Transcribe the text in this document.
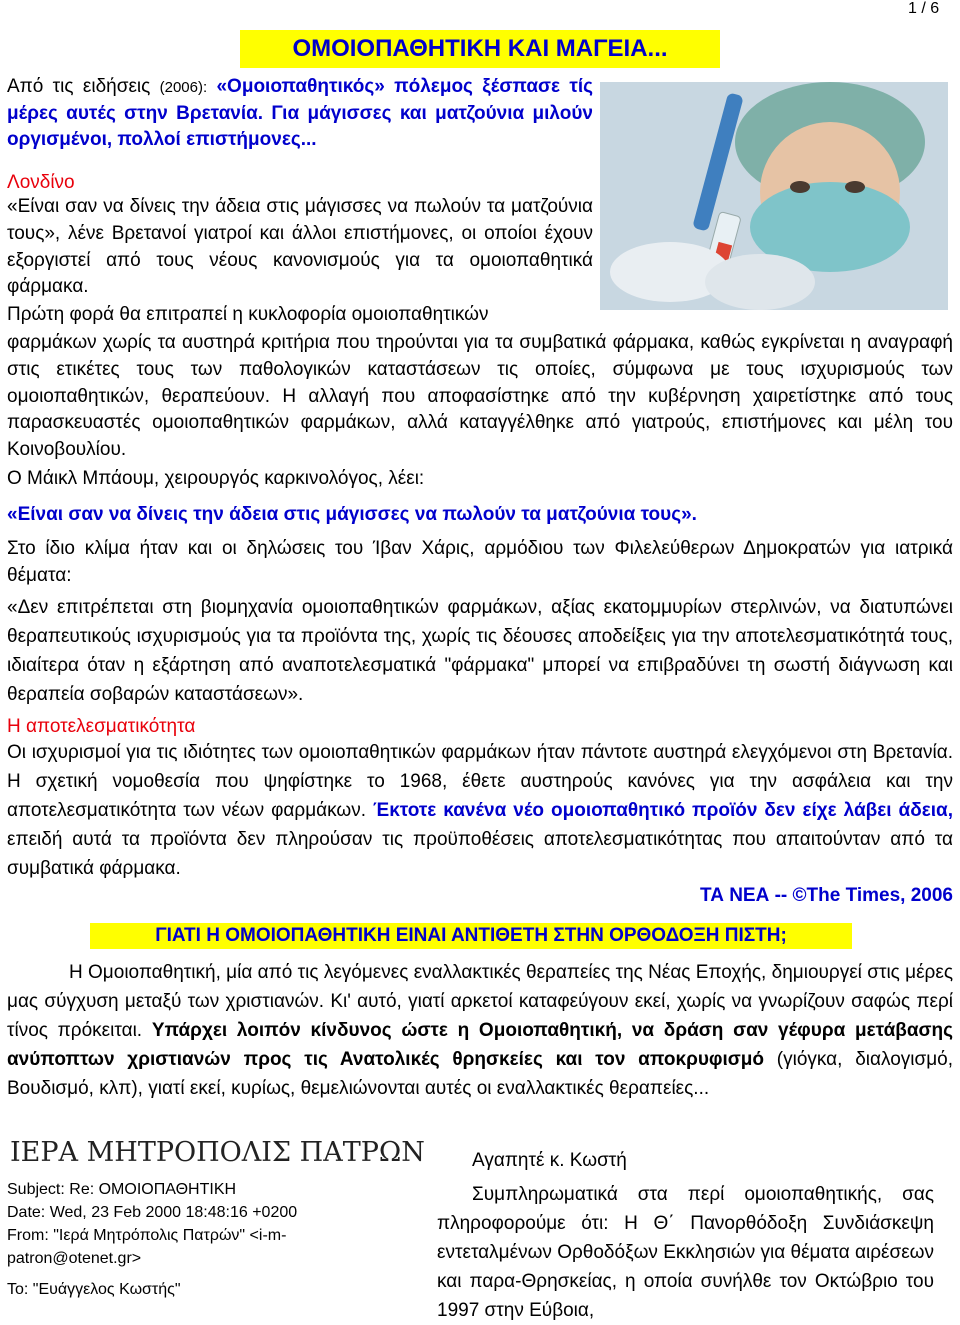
1 / 6
ΟΜΟΙΟΠΑΘΗΤΙΚΗ ΚΑΙ ΜΑΓΕΙΑ...

Από τις ειδήσεις (2006): «Ομοιοπαθητικός» πόλεμος ξέσπασε τίς μέρες αυτές στην Βρετανία. Για μάγισσες και ματζούνια μιλούν οργισμένοι, πολλοί επιστήμονες...

Λονδίνο

«Είναι σαν να δίνεις την άδεια στις μάγισσες να πωλούν τα ματζούνια τους», λένε Βρετανοί γιατροί και άλλοι επιστήμονες, οι οποίοι έχουν εξοργιστεί από τους νέους κανονισμούς για τα ομοιοπαθητικά φάρμακα.

Πρώτη φορά θα επιτραπεί η κυκλοφορία ομοιοπαθητικών

φαρμάκων χωρίς τα αυστηρά κριτήρια που τηρούνται για τα συμβατικά φάρμακα, καθώς εγκρίνεται η αναγραφή στις ετικέτες τους των παθολογικών καταστάσεων τις οποίες, σύμφωνα με τους ισχυρισμούς των ομοιοπαθητικών, θεραπεύουν. Η αλλαγή που αποφασίστηκε από την κυβέρνηση χαιρετίστηκε από τους παρασκευαστές ομοιοπαθητικών φαρμάκων, αλλά καταγγέλθηκε από γιατρούς, επιστήμονες και μέλη του Κοινοβουλίου.

Ο Μάικλ Μπάουμ, χειρουργός καρκινολόγος, λέει:

«Είναι σαν να δίνεις την άδεια στις μάγισσες να πωλούν τα ματζούνια τους».

Στο ίδιο κλίμα ήταν και οι δηλώσεις του Ίβαν Χάρις, αρμόδιου των Φιλελεύθερων Δημοκρατών για ιατρικά θέματα:

«Δεν επιτρέπεται στη βιομηχανία ομοιοπαθητικών φαρμάκων, αξίας εκατομμυρίων στερλινών, να διατυπώνει θεραπευτικούς ισχυρισμούς για τα προϊόντα της, χωρίς τις δέουσες αποδείξεις για την αποτελεσματικότητά τους, ιδιαίτερα όταν η εξάρτηση από αναποτελεσματικά "φάρμακα" μπορεί να επιβραδύνει τη σωστή διάγνωση και θεραπεία σοβαρών καταστάσεων».

Η αποτελεσματικότητα

Οι ισχυρισμοί για τις ιδιότητες των ομοιοπαθητικών φαρμάκων ήταν πάντοτε αυστηρά ελεγχόμενοι στη Βρετανία. Η σχετική νομοθεσία που ψηφίστηκε το 1968, έθετε αυστηρούς κανόνες για την ασφάλεια και την αποτελεσματικότητα των νέων φαρμάκων. Έκτοτε κανένα νέο ομοιοπαθητικό προϊόν δεν είχε λάβει άδεια, επειδή αυτά τα προϊόντα δεν πληρούσαν τις προϋποθέσεις αποτελεσματικότητας που απαιτούνταν από τα συμβατικά φάρμακα.

ΤΑ ΝΕΑ -- ©The Times, 2006

ΓΙΑΤΙ Η ΟΜΟΙΟΠΑΘΗΤΙΚΗ ΕΙΝΑΙ ΑΝΤΙΘΕΤΗ ΣΤΗΝ ΟΡΘΟΔΟΞΗ ΠΙΣΤΗ;

Η Ομοιοπαθητική, μία από τις λεγόμενες εναλλακτικές θεραπείες της Νέας Εποχής, δημιουργεί στις μέρες μας σύγχυση μεταξύ των χριστιανών. Κι' αυτό, γιατί αρκετοί καταφεύγουν εκεί, χωρίς να γνωρίζουν σαφώς περί τίνος πρόκειται. Υπάρχει λοιπόν κίνδυνος ώστε η Ομοιοπαθητική, να δράση σαν γέφυρα μετάβασης ανύποπτων χριστιανών προς τις Ανατολικές θρησκείες και τον αποκρυφισμό (γιόγκα, διαλογισμό, Βουδισμό, κλπ), γιατί εκεί, κυρίως, θεμελιώνονται αυτές οι εναλλακτικές θεραπείες...

ΙΕΡΑ ΜΗΤΡΟΠΟΛΙΣ ΠΑΤΡΩΝ

Subject: Re: ΟΜΟΙΟΠΑΘΗΤΙΚΗ

Date: Wed, 23 Feb 2000 18:48:16 +0200

From: "Ιερά Μητρόπολις Πατρών" <i-m-patron@otenet.gr>

To: "Ευάγγελος Κωστής"

Αγαπητέ κ. Κωστή

Συμπληρωματικά στα περί ομοιοπαθητικής, σας πληροφορούμε ότι: Η Θ΄ Πανορθόδοξη Συνδιάσκεψη εντεταλμένων Ορθοδόξων Εκκλησιών για θέματα αιρέσεων και παρα-Θρησκείας, η οποία συνήλθε τον Οκτώβριο του 1997 στην Εύβοια,
